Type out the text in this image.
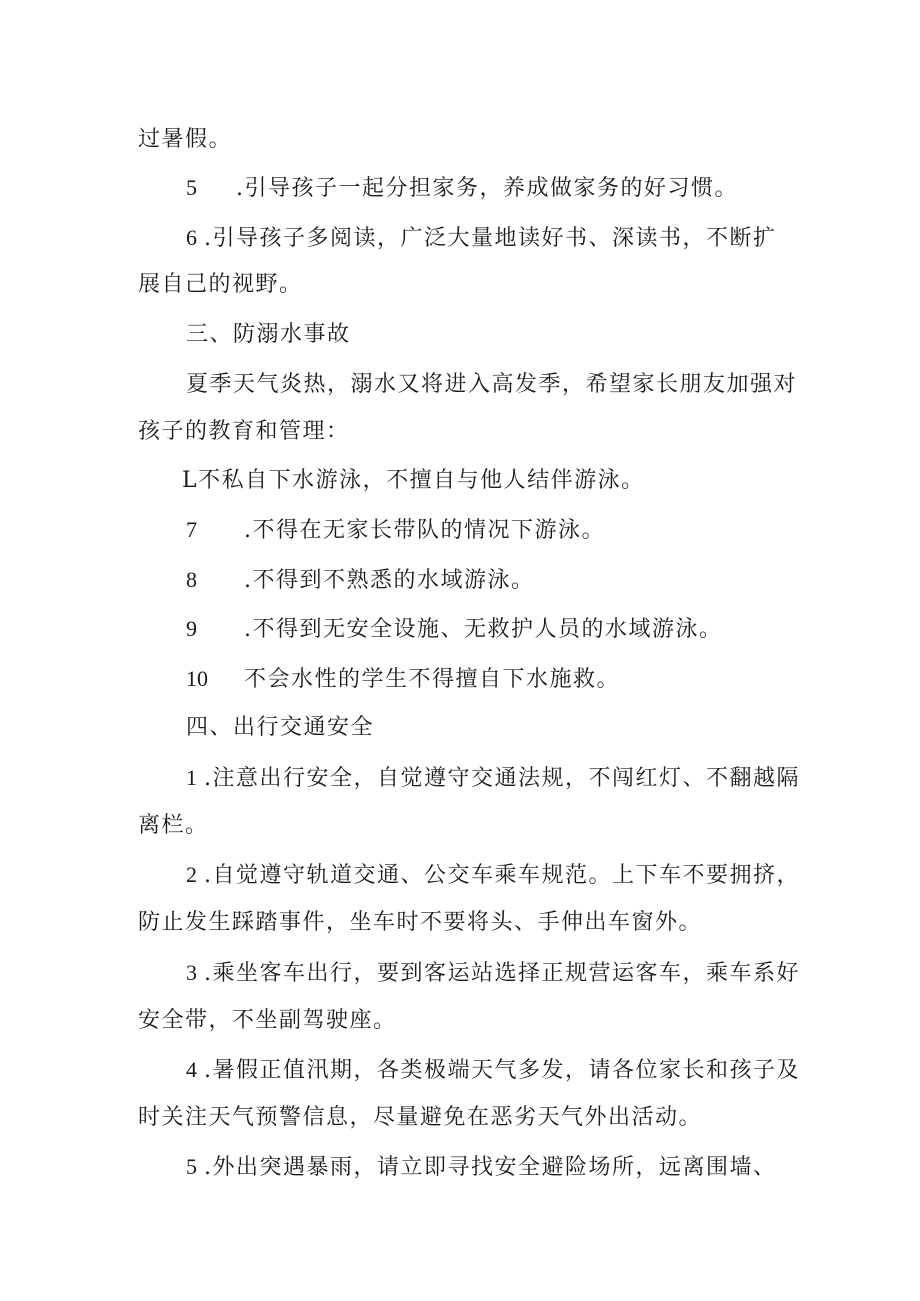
过暑假。

5 .引导孩子一起分担家务，养成做家务的好习惯。

6 .引导孩子多阅读，广泛大量地读好书、深读书，不断扩

展自己的视野。

三、防溺水事故

夏季天气炎热，溺水又将进入高发季，希望家长朋友加强对

孩子的教育和管理：

L不私自下水游泳，不擅自与他人结伴游泳。

7 .不得在无家长带队的情况下游泳。

8 .不得到不熟悉的水域游泳。

9 .不得到无安全设施、无救护人员的水域游泳。

10 不会水性的学生不得擅自下水施救。

四、出行交通安全

1 .注意出行安全，自觉遵守交通法规，不闯红灯、不翻越隔

离栏。

2 .自觉遵守轨道交通、公交车乘车规范。上下车不要拥挤，

防止发生踩踏事件，坐车时不要将头、手伸出车窗外。

3 .乘坐客车出行，要到客运站选择正规营运客车，乘车系好

安全带，不坐副驾驶座。

4 .暑假正值汛期，各类极端天气多发，请各位家长和孩子及

时关注天气预警信息，尽量避免在恶劣天气外出活动。

5 .外出突遇暴雨，请立即寻找安全避险场所，远离围墙、
